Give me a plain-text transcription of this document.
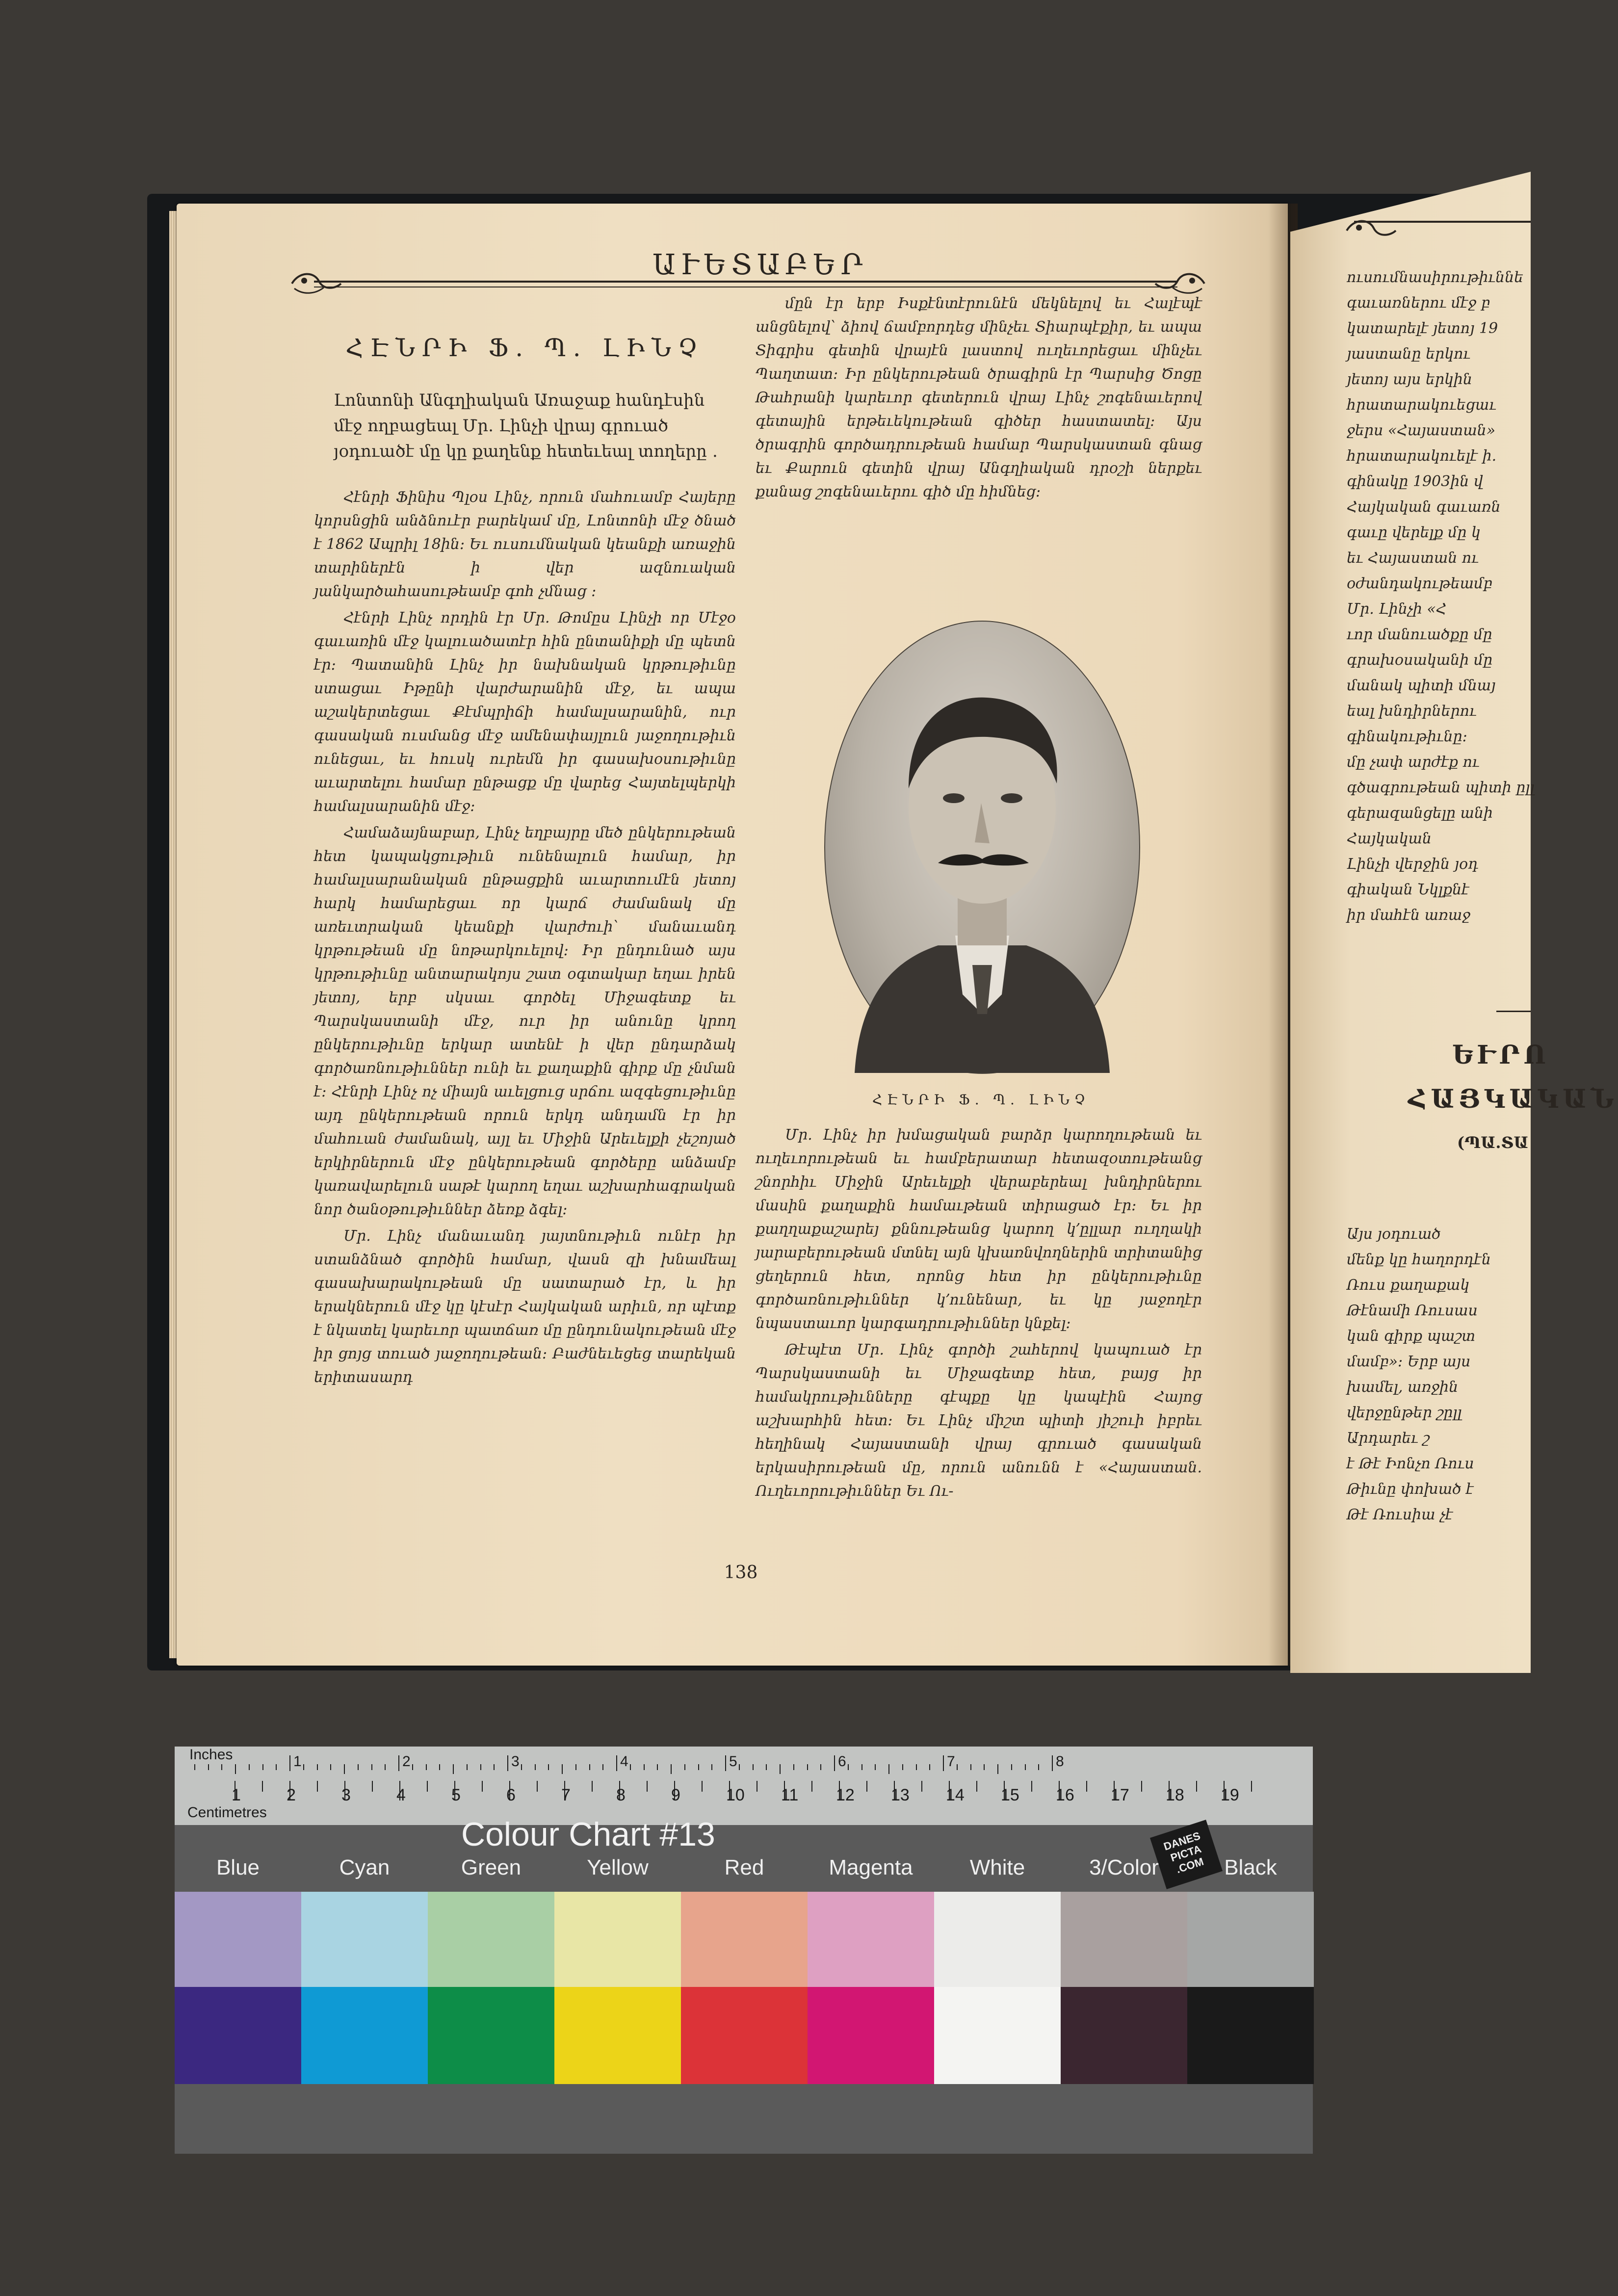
ԱՒԵՏԱԲԵՐ
ՀԷՆՐԻ Ֆ. Պ. ԼԻՆՉ
Լոնտոնի Անգղիական Առաջաք հանդէսին մէջ ողբացեալ Մր. Լինչի վրայ գրուած յօդուածէ մը կը քաղենք հետեւեալ տողերը ․

Հէնրի Ֆինիս Պլօս Լինչ, որուն մահուամբ Հայերը կորսնցին անձնուէր բարեկամ մը, Լոնտոնի մէջ ծնած է 1862 Ապրիլ 18ին։ Եւ ուսումնական կեանքի առաջին տարիներէն ի վեր ազնուական յանկարծահասութեամբ գոհ չմնաց ։

Հէնրի Լինչ որդին էր Մր. Թոմըս Լինչի որ Մէջօ գաւառին մէջ կալուածատէր հին ընտանիքի մը պետն էր։ Պատանին Լինչ իր նախնական կրթութիւնը ստացաւ Իթընի վարժարանին մէջ, եւ ապա աշակերտեցաւ Քէմպրիճի համալսարանին, ուր գասական ուսմանց մէջ ամենափայլուն յաջողութիւն ունեցաւ, եւ հուսկ ուրեմն իր գասախօսութիւնը աւարտելու համար ընթացք մը վարեց Հայտելպերկի համալսարանին մէջ։

Համաձայնաբար, Լինչ եղբայրը մեծ ընկերութեան հետ կապակցութիւն ունենալուն համար, իր համալսարանական ընթացքին աւարտումէն յետոյ հարկ համարեցաւ որ կարճ ժամանակ մը առեւտրական կեանքի վարժուի՝ մանաւանդ կրթութեան մը նոթարկուելով։ Իր ընդունած այս կրթութիւնը անտարակոյս շատ օգտակար եղաւ իրեն յետոյ, երբ սկսաւ գործել Միջագետք եւ Պարսկաստանի մէջ, ուր իր անունը կրող ընկերութիւնը երկար ատենէ ի վեր ընդարձակ գործառնութիւններ ունի եւ քաղաքին գիրք մը չնման է։ Հէնրի Լինչ ոչ միայն աւելցուց սրճու ազգեցութիւնը այդ ընկերութեան որուն երկդ անդամն էր իր մահուան ժամանակ, այլ եւ Միջին Արեւելքի չեշոյած երկիրներուն մէջ ընկերութեան գործերը անձամբ կառավարելուն սաթէ կարող եղաւ աշխարհագրական նոր ծանօթութիւններ ձեռք ձգել։

Մր. Լինչ մանաւանդ յայտնութիւն ունէր իր ստանձնած գործին համար, վասն զի խնամեալ գասախարակութեան մը սատարած էր, և իր երակներուն մէջ կը կէսէր Հայկական արիւն, որ պէտք է նկատել կարեւոր պատճառ մը ընդունակութեան մէջ իր ցոյց տուած յաջողութեան։ Բաժնեւեցեց տարեկան երիտասարդ

մըն էր երբ Իսքէնտէրունէն մեկնելով եւ Հալէպէ անցնելով՝ ձիով ճամբորդեց մինչեւ Տիարպէքիր, եւ ապա Տիգրիս գետին վրայէն լաստով ուղեւորեցաւ մինչեւ Պաղտատ։ Իր ընկերութեան ծրագիրն էր Պարսից Ծոցը Թահրանի կարեւոր գետերուն վրայ Լինչ շոգենաւերով գետային երթեւեկութեան գիծեր հաստատել։ Այս ծրագրին գործադրութեան համար Պարսկաստան գնաց եւ Քարուն գետին վրայ Անգղիական դրօշի ներքեւ քանաց շոգենաւերու գիծ մը հիմնեց։

ՀԷՆՐԻ Ֆ. Պ. ԼԻՆՉ

Մր. Լինչ իր խմացական բարձր կարողութեան եւ ուղեւորութեան եւ համբերատար հետազօտութեանց շնորհիւ Միջին Արեւելքի վերաբերեալ խնդիրներու մասին քաղաքին համաւթեան տիրացած էր։ Եւ իր քաղղաքաշարեյ քննութեանց կարող կ՚ըլլար ուղղակի յարաբերութեան մտնել այն կխառնվողներին տրիտանից ցեղերուն հետ, որոնց հետ իր ընկերութիւնը գործառնութիւններ կ՚ունենար, եւ կը յաջողէր նպաստաւոր կարգադրութիւններ կնքել։

Թէպէտ Մր. Լինչ գործի շահերով կապուած էր Պարսկաստանի եւ Միջագետք հետ, բայց իր համակրութիւնները գէպքը կը կապէին Հայոց աշխարհին հետ։ Եւ Լինչ միշտ պիտի յիշուի իբրեւ հեղինակ Հայաստանի վրայ գրուած գասական երկասիրութեան մը, որուն անունն է «Հայաստան. Ուղեւորութիւններ Եւ Ու-

138
ուսումնասիրութիւննե
գաւառներու մէջ բ
կատարելէ յետոյ 19
յաստանը երկու
յետոյ այս երկին
հրատարակուեցաւ
ջերս «Հայաստան»
հրատարակուելէ ի.
գինակը 1903ին վ
Հայկական գաւառն
գաւը վերելք մը կ
եւ Հայաստան ու
օժանդակութեամբ
Մր. Լինչի «Հ
ւոր մանուածքը մը
գրախօսականի մը
մանակ պիտի մնայ
եալ խնդիրներու
գինակութիւնը։
մը չափ արժէք ու
գծագրութեան պիտի ըլլ
գերազանցելը անի
Հայկական
Լինչի վերջին յօդ
գիական Նկլքնէ
իր մահէն առաջ
ԵՒՐՈ
ՀԱՅԿԱԿԱՆ
(ՊԱ.ՏԱ
Այս յօդուած
մենք կը հաղորդէն
Ռուս քաղաքակ
Թէնամի Ռուսաս
կան գիրք պաշտ
մամբ»։ Երբ այս
խամել, առջին
վերջընթեր շըլլ
Արդարեւ շ
է Թէ Իոնչո Ռուս
Թիւնը փոխած է
Թէ Ռուսիա չէ
Inches
Centimetres
1	2	3	4	5	6	7	8
1	2	3	4	5	6	7	8	9	10 11 12 13 14 15 16 17 18 19
Colour Chart #13	DANES PICTA .COM
Blue	Cyan	Green	Yellow	Red	Magenta	White	3/Color	Black
